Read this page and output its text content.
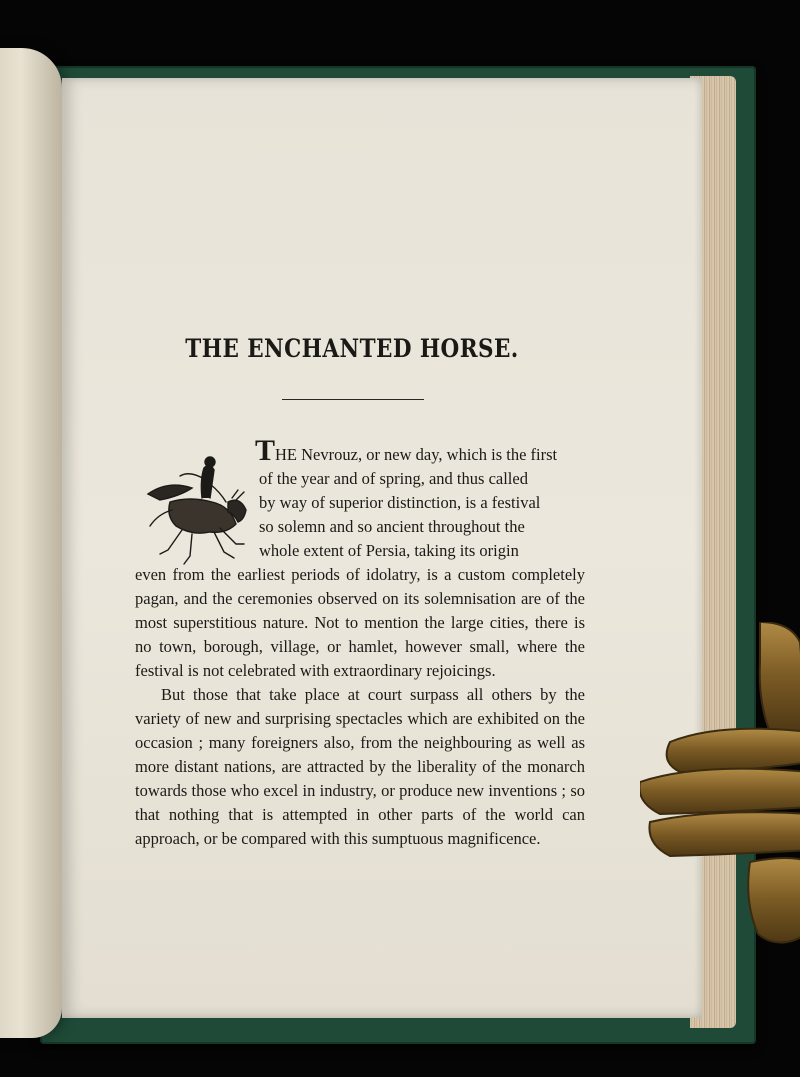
THE ENCHANTED HORSE.

THE Nevrouz, or new day, which is the first
of the year and of spring, and thus called
by way of superior distinction, is a festival
so solemn and so ancient throughout the
whole extent of Persia, taking its origin
even from the earliest periods of idolatry, is a custom completely pagan, and the ceremonies observed on its solemnisation are of the most superstitious nature. Not to mention the large cities, there is no town, borough, village, or hamlet, however small, where the festival is not celebrated with extraordinary rejoicings.

But those that take place at court surpass all others by the variety of new and surprising spectacles which are exhibited on the occasion ; many foreigners also, from the neighbouring as well as more distant nations, are attracted by the liberality of the monarch towards those who excel in industry, or produce new inventions ; so that nothing that is attempted in other parts of the world can approach, or be compared with this sumptuous magnificence.
